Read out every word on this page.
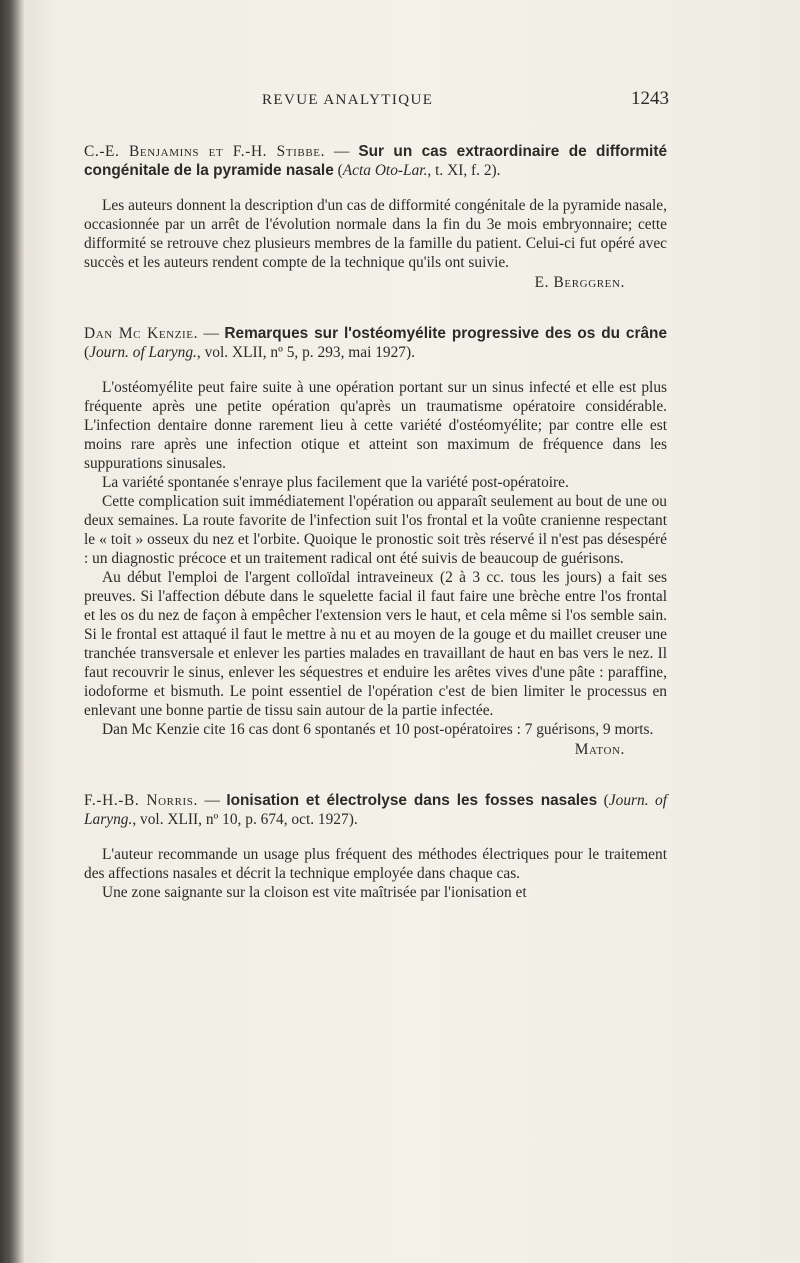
REVUE ANALYTIQUE	1243

C.-E. Benjamins et F.-H. Stibbe. — Sur un cas extraordinaire de difformité congénitale de la pyramide nasale (Acta Oto-Lar., t. XI, f. 2).

Les auteurs donnent la description d'un cas de difformité congénitale de la pyramide nasale, occasionnée par un arrêt de l'évolution normale dans la fin du 3e mois embryonnaire; cette difformité se retrouve chez plusieurs membres de la famille du patient. Celui-ci fut opéré avec succès et les auteurs rendent compte de la technique qu'ils ont suivie.

E. Berggren.

Dan Mc Kenzie. — Remarques sur l'ostéomyélite progressive des os du crâne (Journ. of Laryng., vol. XLII, nº 5, p. 293, mai 1927).

L'ostéomyélite peut faire suite à une opération portant sur un sinus infecté et elle est plus fréquente après une petite opération qu'après un traumatisme opératoire considérable. L'infection dentaire donne rarement lieu à cette variété d'ostéomyélite; par contre elle est moins rare après une infection otique et atteint son maximum de fréquence dans les suppurations sinusales.

La variété spontanée s'enraye plus facilement que la variété post-opératoire.

Cette complication suit immédiatement l'opération ou apparaît seulement au bout de une ou deux semaines. La route favorite de l'infection suit l'os frontal et la voûte cranienne respectant le « toit » osseux du nez et l'orbite. Quoique le pronostic soit très réservé il n'est pas désespéré : un diagnostic précoce et un traitement radical ont été suivis de beaucoup de guérisons.

Au début l'emploi de l'argent colloïdal intraveineux (2 à 3 cc. tous les jours) a fait ses preuves. Si l'affection débute dans le squelette facial il faut faire une brèche entre l'os frontal et les os du nez de façon à empêcher l'extension vers le haut, et cela même si l'os semble sain. Si le frontal est attaqué il faut le mettre à nu et au moyen de la gouge et du maillet creuser une tranchée transversale et enlever les parties malades en travaillant de haut en bas vers le nez. Il faut recouvrir le sinus, enlever les séquestres et enduire les arêtes vives d'une pâte : paraffine, iodoforme et bismuth. Le point essentiel de l'opération c'est de bien limiter le processus en enlevant une bonne partie de tissu sain autour de la partie infectée.

Dan Mc Kenzie cite 16 cas dont 6 spontanés et 10 post-opératoires : 7 guérisons, 9 morts.

Maton.

F.-H.-B. Norris. — Ionisation et électrolyse dans les fosses nasales (Journ. of Laryng., vol. XLII, nº 10, p. 674, oct. 1927).

L'auteur recommande un usage plus fréquent des méthodes électriques pour le traitement des affections nasales et décrit la technique employée dans chaque cas.

Une zone saignante sur la cloison est vite maîtrisée par l'ionisation et
